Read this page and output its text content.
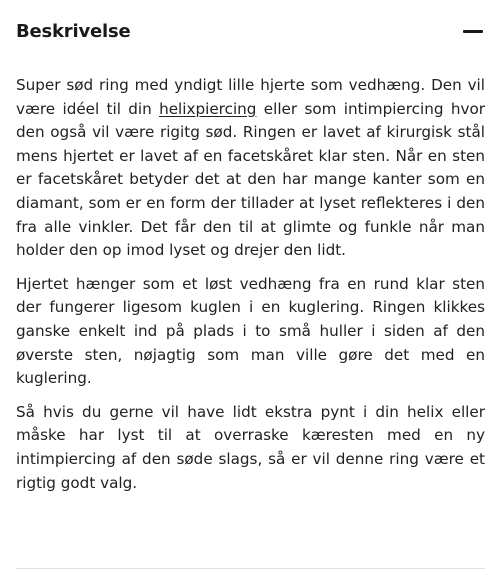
Beskrivelse

Super sød ring med yndigt lille hjerte som vedhæng. Den vil være idéel til din helixpiercing eller som intimpiercing hvor den også vil være rigitg sød. Ringen er lavet af kirurgisk stål mens hjertet er lavet af en facetskåret klar sten. Når en sten er facetskåret betyder det at den har mange kanter som en diamant, som er en form der tillader at lyset reflekteres i den fra alle vinkler. Det får den til at glimte og funkle når man holder den op imod lyset og drejer den lidt.

Hjertet hænger som et løst vedhæng fra en rund klar sten der fungerer ligesom kuglen i en kuglering. Ringen klikkes ganske enkelt ind på plads i to små huller i siden af den øverste sten, nøjagtig som man ville gøre det med en kuglering.

Så hvis du gerne vil have lidt ekstra pynt i din helix eller måske har lyst til at overraske kæresten med en ny intimpiercing af den søde slags, så er vil denne ring være et rigtig godt valg.
